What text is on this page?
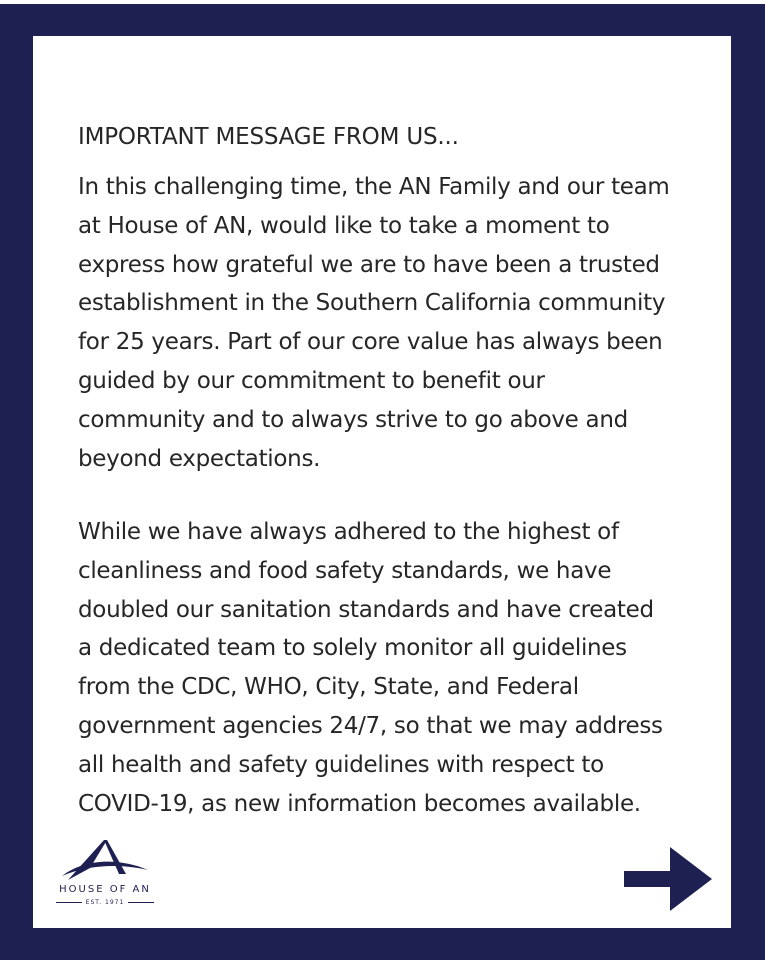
IMPORTANT MESSAGE FROM US...

In this challenging time, the AN Family and our team
at House of AN, would like to take a moment to
express how grateful we are to have been a trusted
establishment in the Southern California community
for 25 years. Part of our core value has always been
guided by our commitment to benefit our
community and to always strive to go above and
beyond expectations.

While we have always adhered to the highest of
cleanliness and food safety standards, we have
doubled our sanitation standards and have created
a dedicated team to solely monitor all guidelines
from the CDC, WHO, City, State, and Federal
government agencies 24/7, so that we may address
all health and safety guidelines with respect to
COVID-19, as new information becomes available.

HOUSE OF AN
EST. 1971
